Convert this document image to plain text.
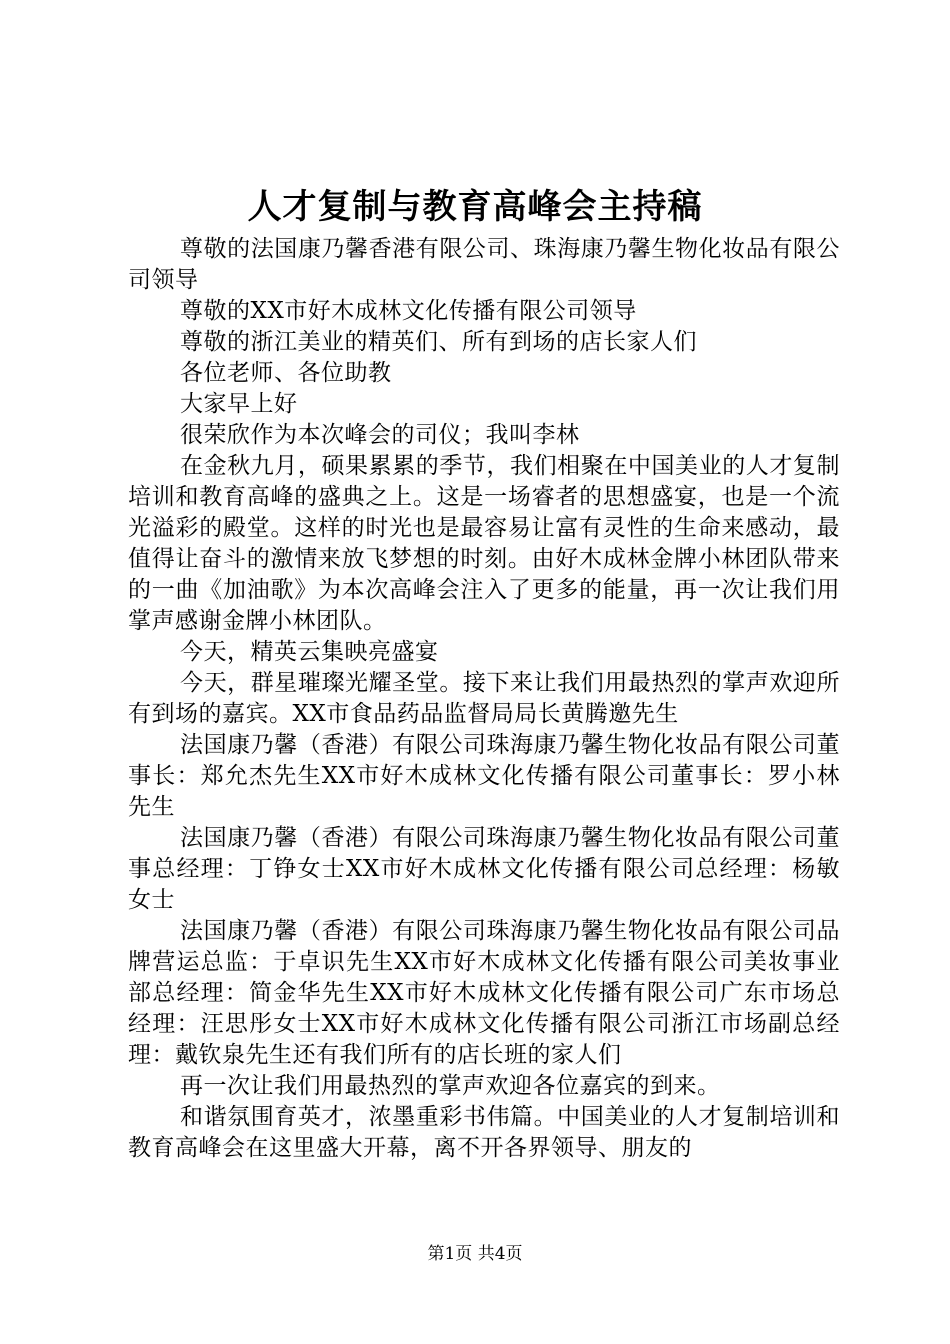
人才复制与教育高峰会主持稿

尊敬的法国康乃馨香港有限公司、珠海康乃馨生物化妆品有限公司领导

尊敬的XX市好木成林文化传播有限公司领导

尊敬的浙江美业的精英们、所有到场的店长家人们

各位老师、各位助教

大家早上好

很荣欣作为本次峰会的司仪；我叫李林

在金秋九月，硕果累累的季节，我们相聚在中国美业的人才复制培训和教育高峰的盛典之上。这是一场睿者的思想盛宴，也是一个流光溢彩的殿堂。这样的时光也是最容易让富有灵性的生命来感动，最值得让奋斗的激情来放飞梦想的时刻。由好木成林金牌小林团队带来的一曲《加油歌》为本次高峰会注入了更多的能量，再一次让我们用掌声感谢金牌小林团队。

今天，精英云集映亮盛宴

今天，群星璀璨光耀圣堂。接下来让我们用最热烈的掌声欢迎所有到场的嘉宾。XX市食品药品监督局局长黄腾邀先生

法国康乃馨（香港）有限公司珠海康乃馨生物化妆品有限公司董事长：郑允杰先生XX市好木成林文化传播有限公司董事长：罗小林先生

法国康乃馨（香港）有限公司珠海康乃馨生物化妆品有限公司董事总经理：丁铮女士XX市好木成林文化传播有限公司总经理：杨敏女士

法国康乃馨（香港）有限公司珠海康乃馨生物化妆品有限公司品牌营运总监：于卓识先生XX市好木成林文化传播有限公司美妆事业部总经理：简金华先生XX市好木成林文化传播有限公司广东市场总经理：汪思彤女士XX市好木成林文化传播有限公司浙江市场副总经理：戴钦泉先生还有我们所有的店长班的家人们

再一次让我们用最热烈的掌声欢迎各位嘉宾的到来。

和谐氛围育英才，浓墨重彩书伟篇。中国美业的人才复制培训和教育高峰会在这里盛大开幕，离不开各界领导、朋友的

第1页 共4页
